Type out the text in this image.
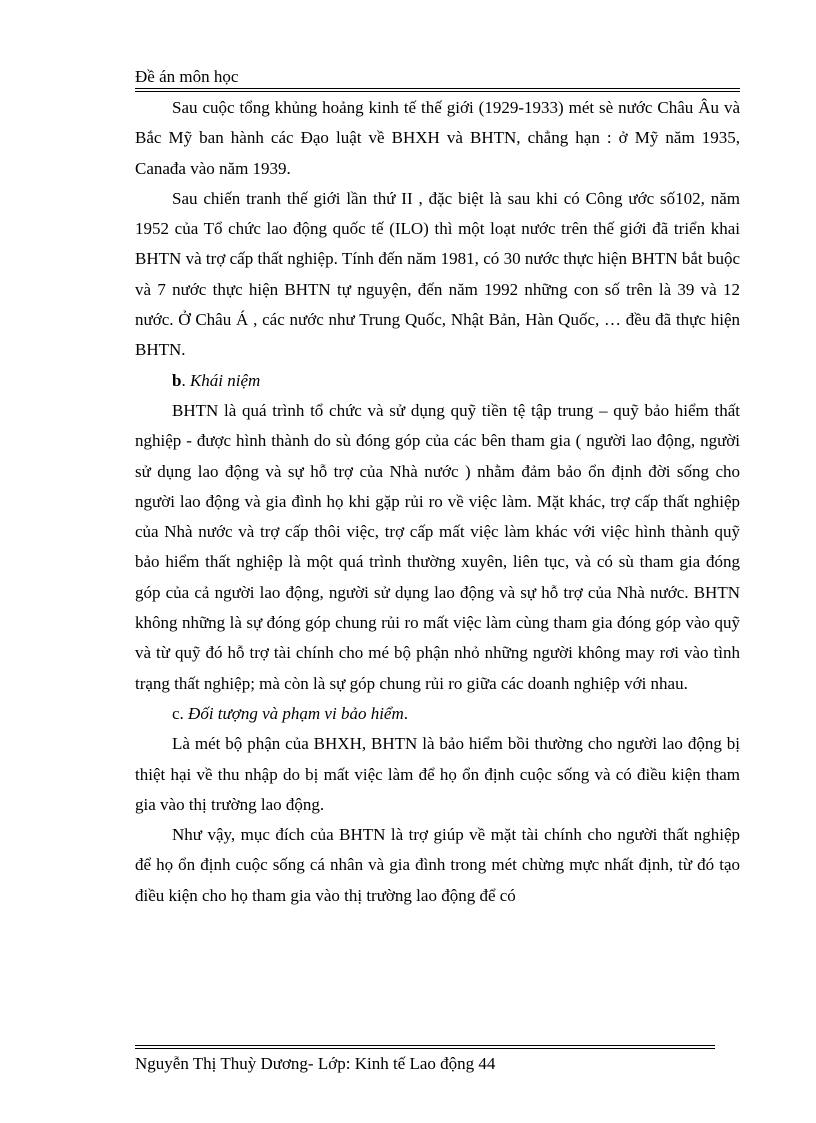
Đề án môn học

Sau cuộc tổng khủng hoảng kinh tế thế giới (1929-1933) mét sè nước Châu Âu và Bắc Mỹ ban hành các Đạo luật về BHXH và BHTN, chẳng hạn : ở Mỹ năm 1935, Canađa vào năm 1939.

Sau chiến tranh thế giới lần thứ II , đặc biệt là sau khi có Công ước số102, năm 1952 của Tổ chức lao động quốc tế (ILO) thì một loạt nước trên thế giới đã triển khai BHTN và trợ cấp thất nghiệp. Tính đến năm 1981, có 30 nước thực hiện BHTN bắt buộc và 7 nước thực hiện BHTN tự nguyện, đến năm 1992 những con số trên là 39 và 12 nước. Ở Châu Á , các nước như Trung Quốc, Nhật Bản, Hàn Quốc, … đều đã thực hiện BHTN.

b. Khái niệm

BHTN là quá trình tổ chức và sử dụng quỹ tiền tệ tập trung – quỹ bảo hiểm thất nghiệp - được hình thành do sù đóng góp của các bên tham gia ( người lao động, người sử dụng lao động và sự hỗ trợ của Nhà nước ) nhằm đảm bảo ổn định đời sống cho người lao động và gia đình họ khi gặp rủi ro về việc làm. Mặt khác, trợ cấp thất nghiệp của Nhà nước và trợ cấp thôi việc, trợ cấp mất việc làm khác với việc hình thành quỹ bảo hiểm thất nghiệp là một quá trình thường xuyên, liên tục, và có sù tham gia đóng góp của cả người lao động, người sử dụng lao động và sự hỗ trợ của Nhà nước. BHTN không những là sự đóng góp chung rủi ro mất việc làm cùng tham gia đóng góp vào quỹ và từ quỹ đó hỗ trợ tài chính cho mé bộ phận nhỏ những người không may rơi vào tình trạng thất nghiệp; mà còn là sự góp chung rủi ro giữa các doanh nghiệp với nhau.

c. Đối tượng và phạm vi bảo hiểm.

Là mét bộ phận của BHXH, BHTN là bảo hiểm bồi thường cho người lao động bị thiệt hại về thu nhập do bị mất việc làm để họ ổn định cuộc sống và có điều kiện tham gia vào thị trường lao động.

Như vậy, mục đích của BHTN là trợ giúp về mặt tài chính cho người thất nghiệp để họ ổn định cuộc sống cá nhân và gia đình trong mét chừng mực nhất định, từ đó tạo điều kiện cho họ tham gia vào thị trường lao động để có

Nguyễn Thị Thuỳ Dương- Lớp: Kinh tế Lao động 44
